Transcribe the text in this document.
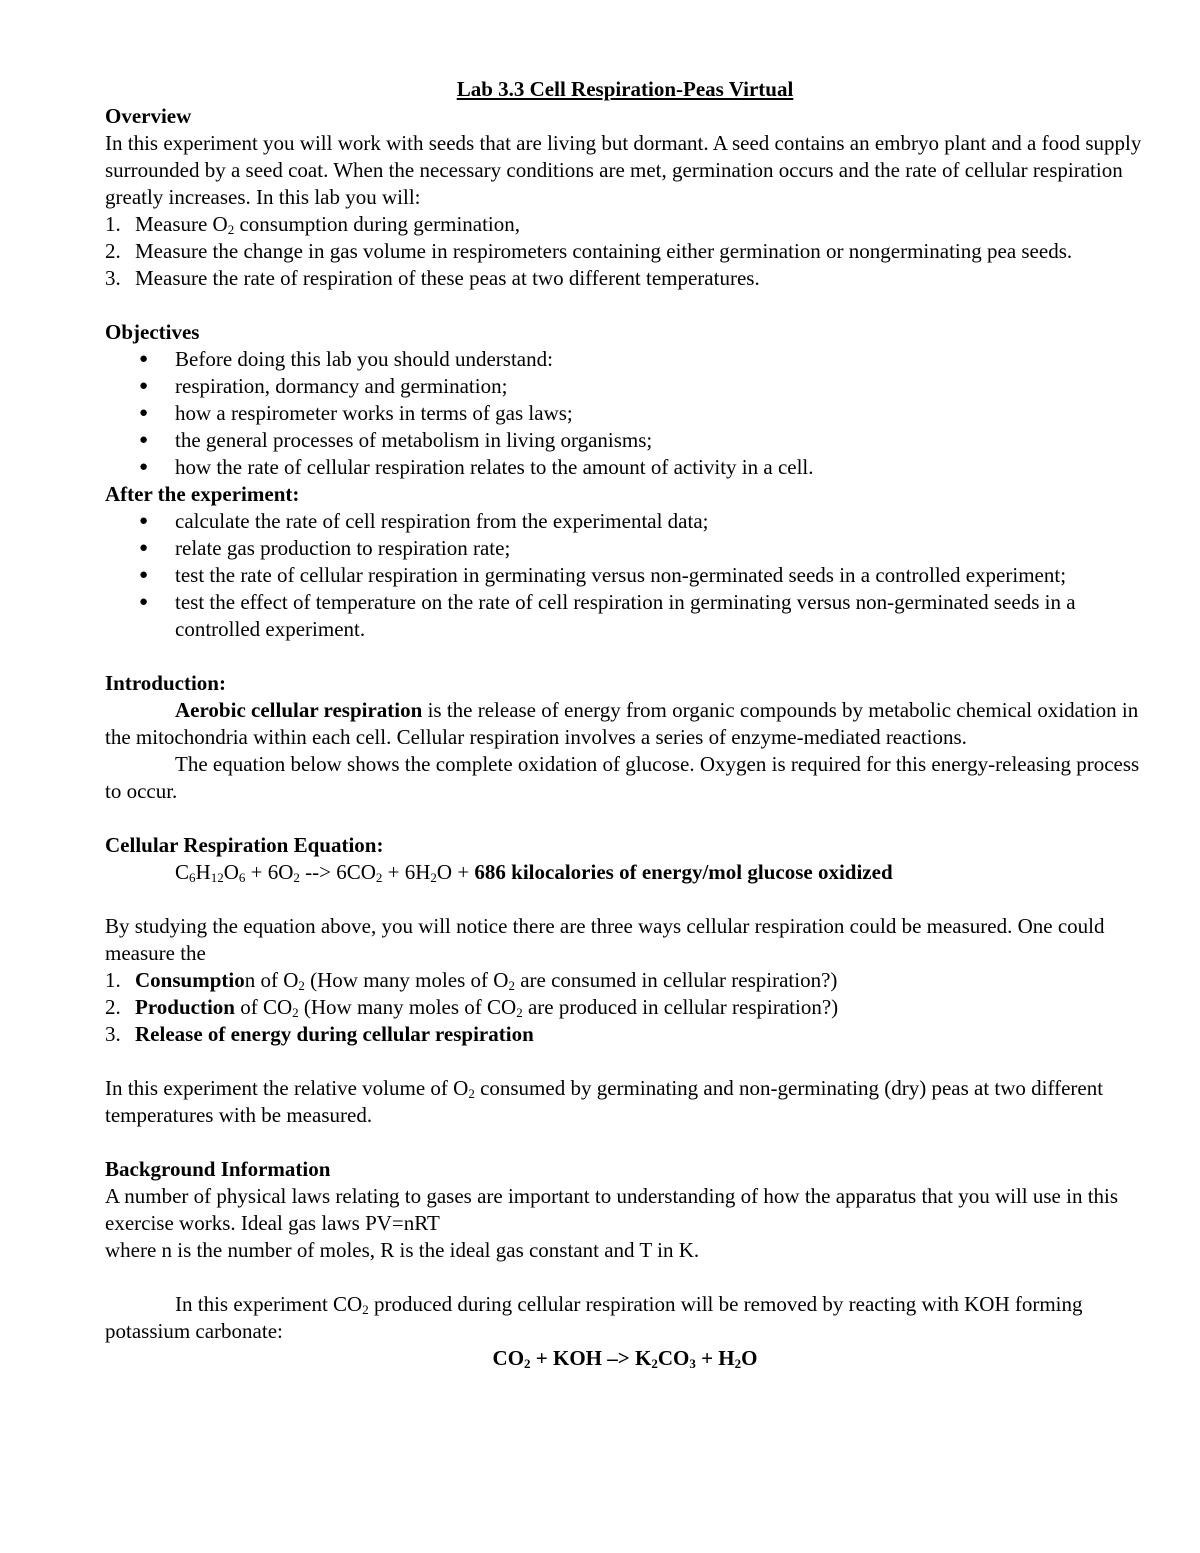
Lab 3.3 Cell Respiration-Peas Virtual

Overview

In this experiment you will work with seeds that are living but dormant. A seed contains an embryo plant and a food supply surrounded by a seed coat. When the necessary conditions are met, germination occurs and the rate of cellular respiration greatly increases. In this lab you will:

1. Measure $O_2$ consumption during germination,

2. Measure the change in gas volume in respirometers containing either germination or nongerminating pea seeds.

3. Measure the rate of respiration of these peas at two different temperatures.

Objectives

● Before doing this lab you should understand:
● respiration, dormancy and germination;
● how a respirometer works in terms of gas laws;
● the general processes of metabolism in living organisms;
● how the rate of cellular respiration relates to the amount of activity in a cell.

After the experiment:

● calculate the rate of cell respiration from the experimental data;
● relate gas production to respiration rate;
● test the rate of cellular respiration in germinating versus non-germinated seeds in a controlled experiment;
● test the effect of temperature on the rate of cell respiration in germinating versus non-germinated seeds in a controlled experiment.

Introduction:

Aerobic cellular respiration is the release of energy from organic compounds by metabolic chemical oxidation in the mitochondria within each cell. Cellular respiration involves a series of enzyme-mediated reactions.

The equation below shows the complete oxidation of glucose. Oxygen is required for this energy-releasing process to occur.

Cellular Respiration Equation:

$C_6H_{12}O_6 + 6O_2$ --> $6CO_2 + 6H_2O + 686$ kilocalories of energy/mol glucose oxidized

By studying the equation above, you will notice there are three ways cellular respiration could be measured. One could measure the

1. Consumption of $O_2$ (How many moles of $O_2$ are consumed in cellular respiration?)

2. Production of $CO_2$ (How many moles of $CO_2$ are produced in cellular respiration?)

3. Release of energy during cellular respiration

In this experiment the relative volume of $O_2$ consumed by germinating and non-germinating (dry) peas at two different temperatures with be measured.

Background Information

A number of physical laws relating to gases are important to understanding of how the apparatus that you will use in this exercise works. Ideal gas laws PV=nRT

where n is the number of moles, R is the ideal gas constant and T in K.

In this experiment $CO_2$ produced during cellular respiration will be removed by reacting with KOH forming potassium carbonate:

$CO_2$ + KOH –> $K_2CO_3 + H_2O$
